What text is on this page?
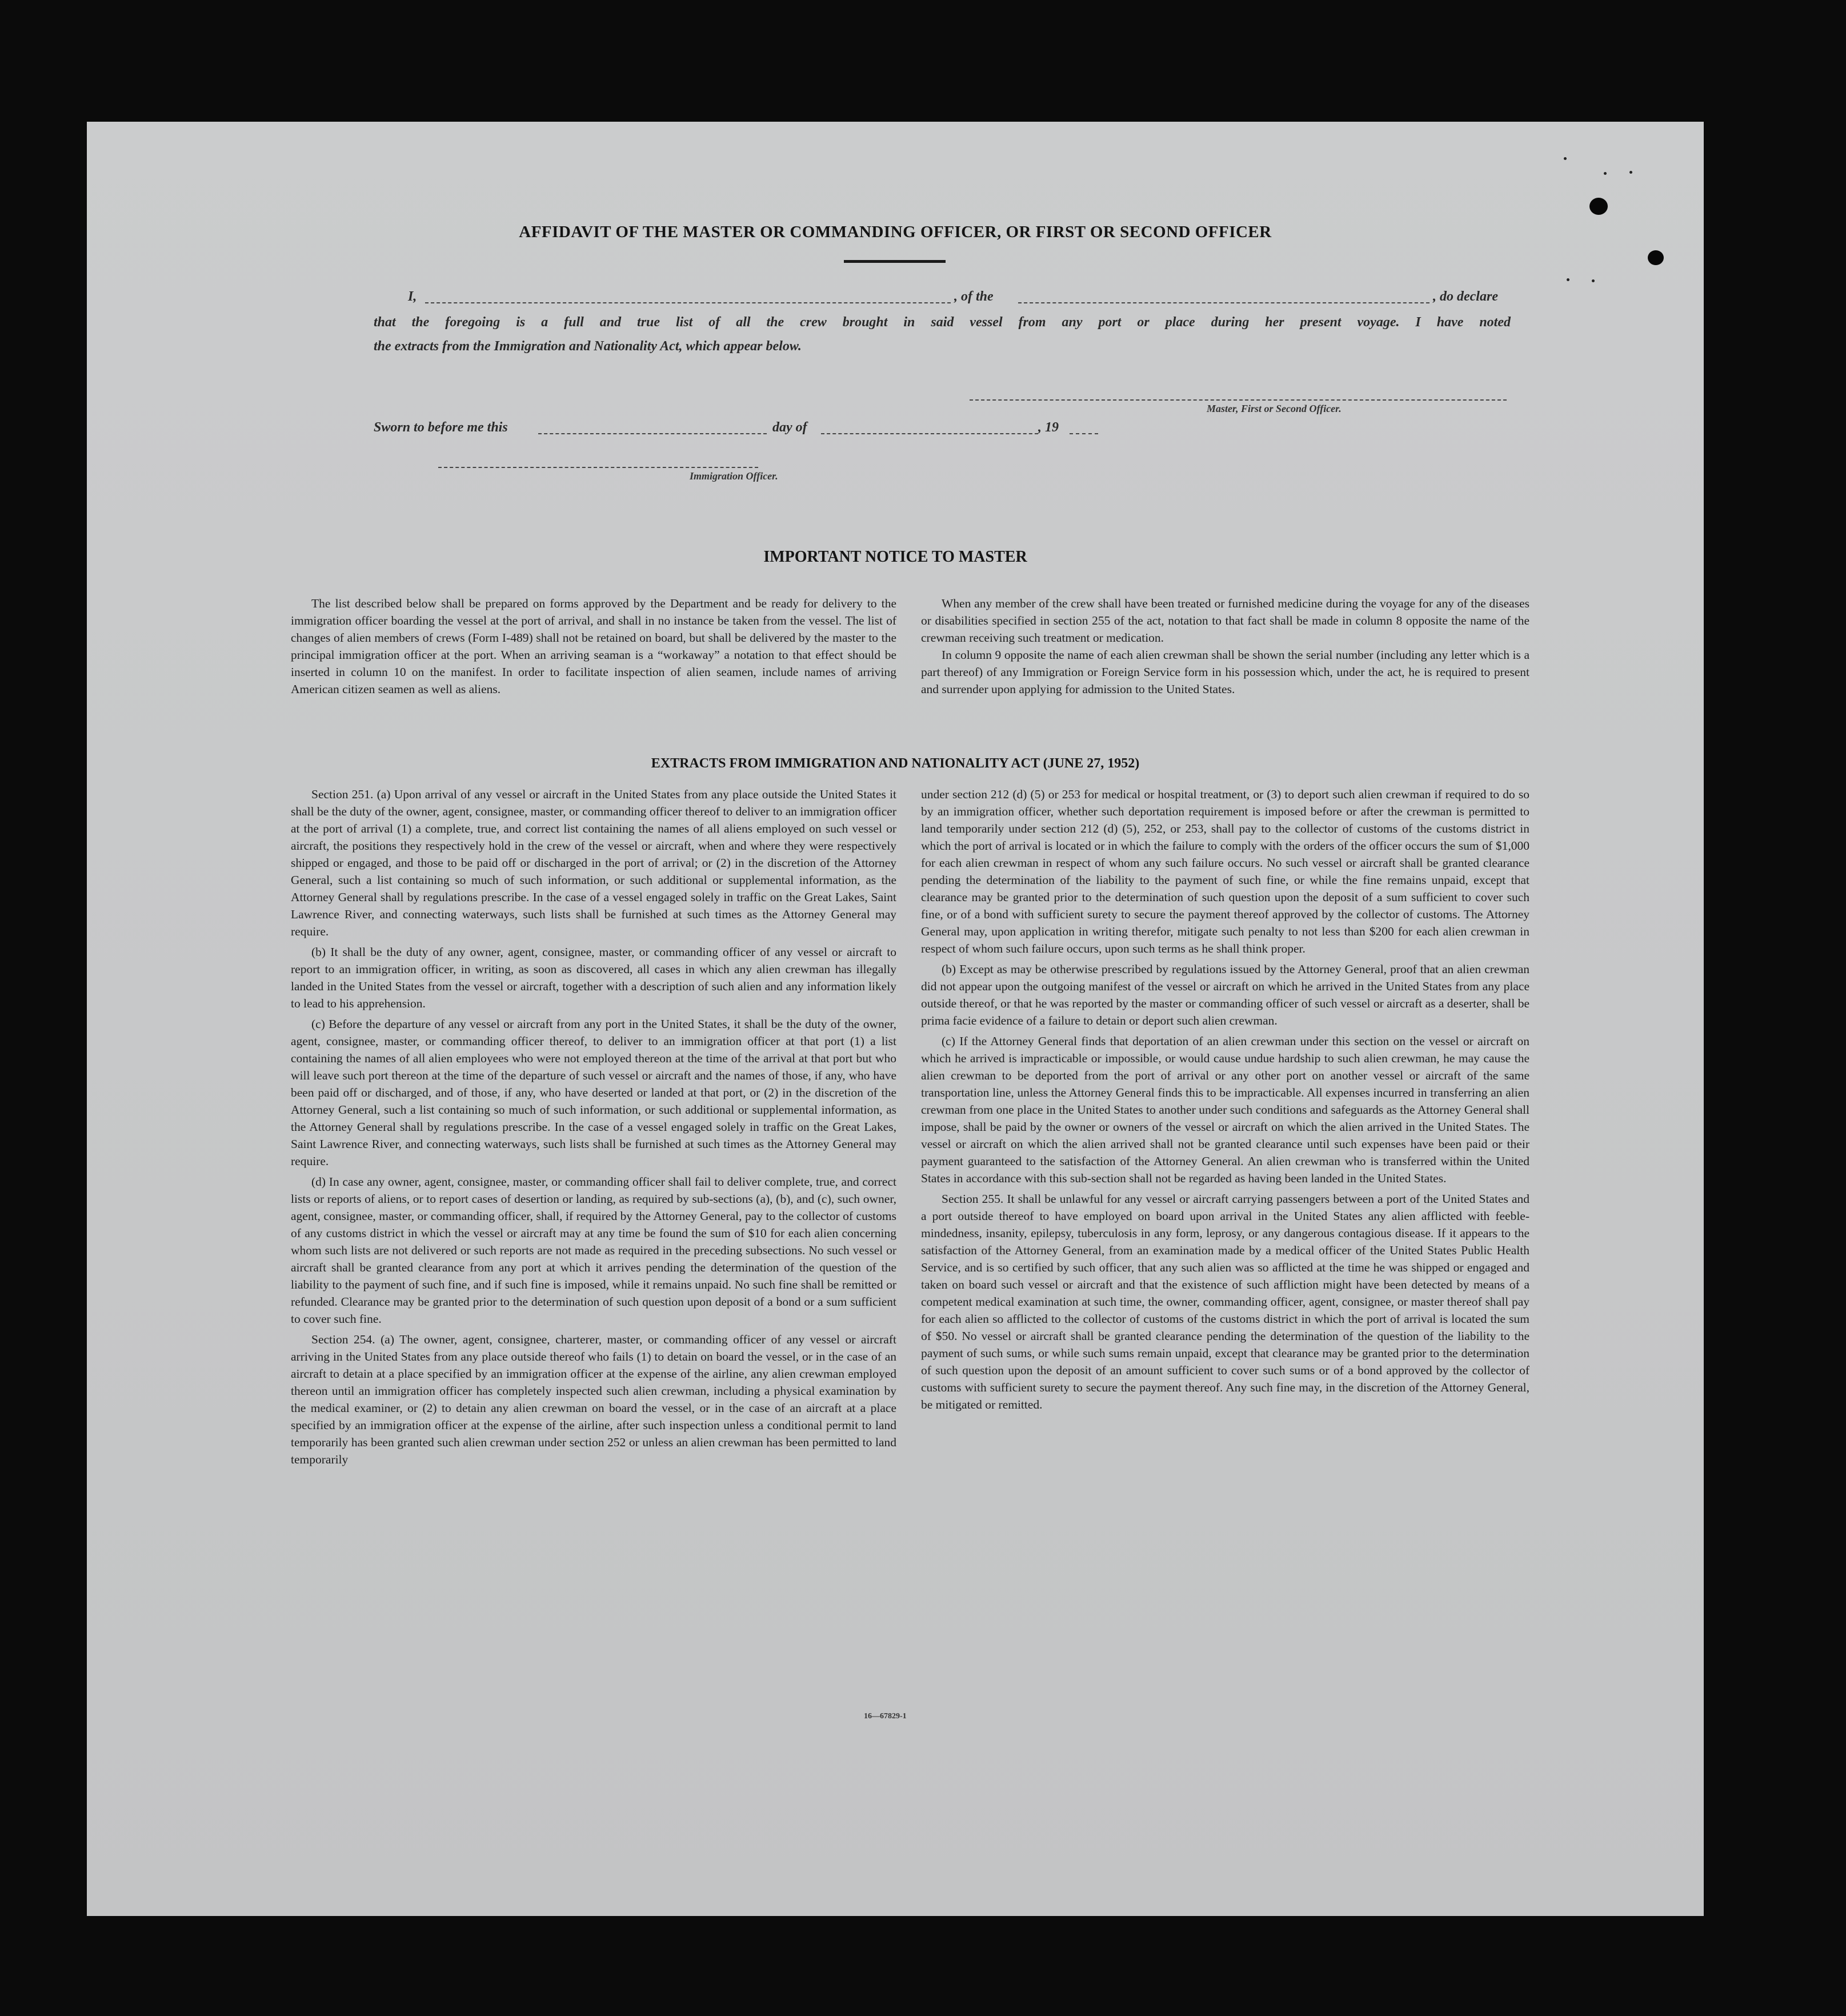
AFFIDAVIT OF THE MASTER OR COMMANDING OFFICER, OR FIRST OR SECOND OFFICER
I,	, of the	, do declare
that the foregoing is a full and true list of all the crew brought in said vessel from any port or place during her present voyage. I have noted
the extracts from the Immigration and Nationality Act, which appear below.
Master, First or Second Officer.
Sworn to before me this	day of	, 19
Immigration Officer.
IMPORTANT NOTICE TO MASTER

The list described below shall be prepared on forms approved by the Department and be ready for delivery to the immigration officer boarding the vessel at the port of arrival, and shall in no instance be taken from the vessel. The list of changes of alien members of crews (Form I-489) shall not be retained on board, but shall be delivered by the master to the principal immigration officer at the port. When an arriving seaman is a “workaway” a notation to that effect should be inserted in column 10 on the manifest. In order to facilitate inspection of alien seamen, include names of arriving American citizen seamen as well as aliens.

When any member of the crew shall have been treated or furnished medicine during the voyage for any of the diseases or disabilities specified in section 255 of the act, notation to that fact shall be made in column 8 opposite the name of the crewman receiving such treatment or medication.

In column 9 opposite the name of each alien crewman shall be shown the serial number (including any letter which is a part thereof) of any Immigration or Foreign Service form in his possession which, under the act, he is required to present and surrender upon applying for admission to the United States.

EXTRACTS FROM IMMIGRATION AND NATIONALITY ACT (JUNE 27, 1952)

Section 251. (a) Upon arrival of any vessel or aircraft in the United States from any place outside the United States it shall be the duty of the owner, agent, consignee, master, or commanding officer thereof to deliver to an immigration officer at the port of arrival (1) a complete, true, and correct list containing the names of all aliens employed on such vessel or aircraft, the positions they respectively hold in the crew of the vessel or aircraft, when and where they were respectively shipped or engaged, and those to be paid off or discharged in the port of arrival; or (2) in the discretion of the Attorney General, such a list containing so much of such information, or such additional or supplemental information, as the Attorney General shall by regulations prescribe. In the case of a vessel engaged solely in traffic on the Great Lakes, Saint Lawrence River, and connecting waterways, such lists shall be furnished at such times as the Attorney General may require.

(b) It shall be the duty of any owner, agent, consignee, master, or commanding officer of any vessel or aircraft to report to an immigration officer, in writing, as soon as discovered, all cases in which any alien crewman has illegally landed in the United States from the vessel or aircraft, together with a description of such alien and any information likely to lead to his apprehension.

(c) Before the departure of any vessel or aircraft from any port in the United States, it shall be the duty of the owner, agent, consignee, master, or commanding officer thereof, to deliver to an immigration officer at that port (1) a list containing the names of all alien employees who were not employed thereon at the time of the arrival at that port but who will leave such port thereon at the time of the departure of such vessel or aircraft and the names of those, if any, who have been paid off or discharged, and of those, if any, who have deserted or landed at that port, or (2) in the discretion of the Attorney General, such a list containing so much of such information, or such additional or supplemental information, as the Attorney General shall by regulations prescribe. In the case of a vessel engaged solely in traffic on the Great Lakes, Saint Lawrence River, and connecting waterways, such lists shall be furnished at such times as the Attorney General may require.

(d) In case any owner, agent, consignee, master, or commanding officer shall fail to deliver complete, true, and correct lists or reports of aliens, or to report cases of desertion or landing, as required by sub-sections (a), (b), and (c), such owner, agent, consignee, master, or commanding officer, shall, if required by the Attorney General, pay to the collector of customs of any customs district in which the vessel or aircraft may at any time be found the sum of $10 for each alien concerning whom such lists are not delivered or such reports are not made as required in the preceding subsections. No such vessel or aircraft shall be granted clearance from any port at which it arrives pending the determination of the question of the liability to the payment of such fine, and if such fine is imposed, while it remains unpaid. No such fine shall be remitted or refunded. Clearance may be granted prior to the determination of such question upon deposit of a bond or a sum sufficient to cover such fine.

Section 254. (a) The owner, agent, consignee, charterer, master, or commanding officer of any vessel or aircraft arriving in the United States from any place outside thereof who fails (1) to detain on board the vessel, or in the case of an aircraft to detain at a place specified by an immigration officer at the expense of the airline, any alien crewman employed thereon until an immigration officer has completely inspected such alien crewman, including a physical examination by the medical examiner, or (2) to detain any alien crewman on board the vessel, or in the case of an aircraft at a place specified by an immigration officer at the expense of the airline, after such inspection unless a conditional permit to land temporarily has been granted such alien crewman under section 252 or unless an alien crewman has been permitted to land temporarily

under section 212 (d) (5) or 253 for medical or hospital treatment, or (3) to deport such alien crewman if required to do so by an immigration officer, whether such deportation requirement is imposed before or after the crewman is permitted to land temporarily under section 212 (d) (5), 252, or 253, shall pay to the collector of customs of the customs district in which the port of arrival is located or in which the failure to comply with the orders of the officer occurs the sum of $1,000 for each alien crewman in respect of whom any such failure occurs. No such vessel or aircraft shall be granted clearance pending the determination of the liability to the payment of such fine, or while the fine remains unpaid, except that clearance may be granted prior to the determination of such question upon the deposit of a sum sufficient to cover such fine, or of a bond with sufficient surety to secure the payment thereof approved by the collector of customs. The Attorney General may, upon application in writing therefor, mitigate such penalty to not less than $200 for each alien crewman in respect of whom such failure occurs, upon such terms as he shall think proper.

(b) Except as may be otherwise prescribed by regulations issued by the Attorney General, proof that an alien crewman did not appear upon the outgoing manifest of the vessel or aircraft on which he arrived in the United States from any place outside thereof, or that he was reported by the master or commanding officer of such vessel or aircraft as a deserter, shall be prima facie evidence of a failure to detain or deport such alien crewman.

(c) If the Attorney General finds that deportation of an alien crewman under this section on the vessel or aircraft on which he arrived is impracticable or impossible, or would cause undue hardship to such alien crewman, he may cause the alien crewman to be deported from the port of arrival or any other port on another vessel or aircraft of the same transportation line, unless the Attorney General finds this to be impracticable. All expenses incurred in transferring an alien crewman from one place in the United States to another under such conditions and safeguards as the Attorney General shall impose, shall be paid by the owner or owners of the vessel or aircraft on which the alien arrived in the United States. The vessel or aircraft on which the alien arrived shall not be granted clearance until such expenses have been paid or their payment guaranteed to the satisfaction of the Attorney General. An alien crewman who is transferred within the United States in accordance with this sub-section shall not be regarded as having been landed in the United States.

Section 255. It shall be unlawful for any vessel or aircraft carrying passengers between a port of the United States and a port outside thereof to have employed on board upon arrival in the United States any alien afflicted with feeble-mindedness, insanity, epilepsy, tuberculosis in any form, leprosy, or any dangerous contagious disease. If it appears to the satisfaction of the Attorney General, from an examination made by a medical officer of the United States Public Health Service, and is so certified by such officer, that any such alien was so afflicted at the time he was shipped or engaged and taken on board such vessel or aircraft and that the existence of such affliction might have been detected by means of a competent medical examination at such time, the owner, commanding officer, agent, consignee, or master thereof shall pay for each alien so afflicted to the collector of customs of the customs district in which the port of arrival is located the sum of $50. No vessel or aircraft shall be granted clearance pending the determination of the question of the liability to the payment of such sums, or while such sums remain unpaid, except that clearance may be granted prior to the determination of such question upon the deposit of an amount sufficient to cover such sums or of a bond approved by the collector of customs with sufficient surety to secure the payment thereof. Any such fine may, in the discretion of the Attorney General, be mitigated or remitted.

16—67829-1
